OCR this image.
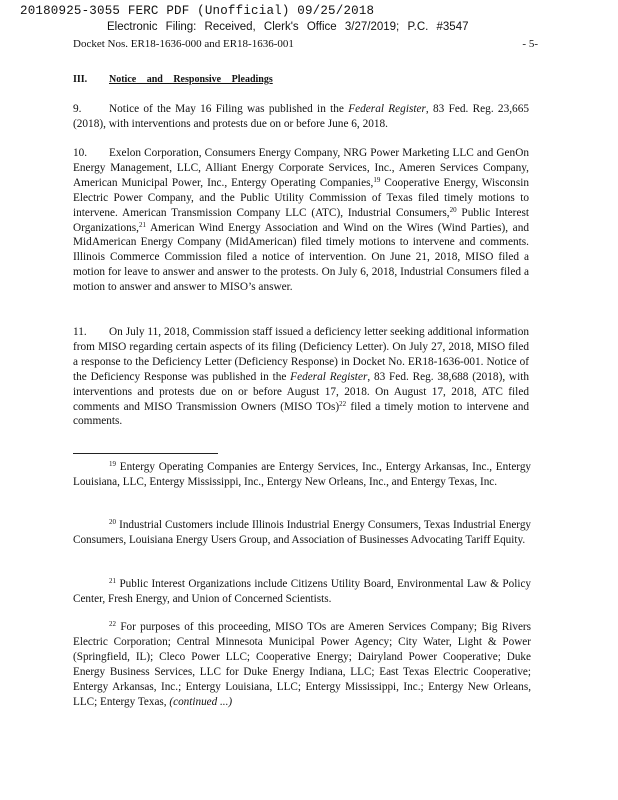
20180925-3055 FERC PDF (Unofficial) 09/25/2018
Electronic Filing: Received, Clerk's Office 3/27/2019; P.C. #3547
Docket Nos. ER18-1636-000 and ER18-1636-001	- 5-
III. Notice and Responsive Pleadings
9. Notice of the May 16 Filing was published in the Federal Register, 83 Fed. Reg. 23,665 (2018), with interventions and protests due on or before June 6, 2018.
10. Exelon Corporation, Consumers Energy Company, NRG Power Marketing LLC and GenOn Energy Management, LLC, Alliant Energy Corporate Services, Inc., Ameren Services Company, American Municipal Power, Inc., Entergy Operating Companies,$^{19}$ Cooperative Energy, Wisconsin Electric Power Company, and the Public Utility Commission of Texas filed timely motions to intervene. American Transmission Company LLC (ATC), Industrial Consumers,$^{20}$ Public Interest Organizations,$^{21}$ American Wind Energy Association and Wind on the Wires (Wind Parties), and MidAmerican Energy Company (MidAmerican) filed timely motions to intervene and comments. Illinois Commerce Commission filed a notice of intervention. On June 21, 2018, MISO filed a motion for leave to answer and answer to the protests. On July 6, 2018, Industrial Consumers filed a motion to answer and answer to MISO’s answer.
11. On July 11, 2018, Commission staff issued a deficiency letter seeking additional information from MISO regarding certain aspects of its filing (Deficiency Letter). On July 27, 2018, MISO filed a response to the Deficiency Letter (Deficiency Response) in Docket No. ER18-1636-001. Notice of the Deficiency Response was published in the Federal Register, 83 Fed. Reg. 38,688 (2018), with interventions and protests due on or before August 17, 2018. On August 17, 2018, ATC filed comments and MISO Transmission Owners (MISO TOs)$^{22}$ filed a timely motion to intervene and comments.
$^{19}$ Entergy Operating Companies are Entergy Services, Inc., Entergy Arkansas, Inc., Entergy Louisiana, LLC, Entergy Mississippi, Inc., Entergy New Orleans, Inc., and Entergy Texas, Inc.
$^{20}$ Industrial Customers include Illinois Industrial Energy Consumers, Texas Industrial Energy Consumers, Louisiana Energy Users Group, and Association of Businesses Advocating Tariff Equity.
$^{21}$ Public Interest Organizations include Citizens Utility Board, Environmental Law & Policy Center, Fresh Energy, and Union of Concerned Scientists.
$^{22}$ For purposes of this proceeding, MISO TOs are Ameren Services Company; Big Rivers Electric Corporation; Central Minnesota Municipal Power Agency; City Water, Light & Power (Springfield, IL); Cleco Power LLC; Cooperative Energy; Dairyland Power Cooperative; Duke Energy Business Services, LLC for Duke Energy Indiana, LLC; East Texas Electric Cooperative; Entergy Arkansas, Inc.; Entergy Louisiana, LLC; Entergy Mississippi, Inc.; Entergy New Orleans, LLC; Entergy Texas, (continued ...)
